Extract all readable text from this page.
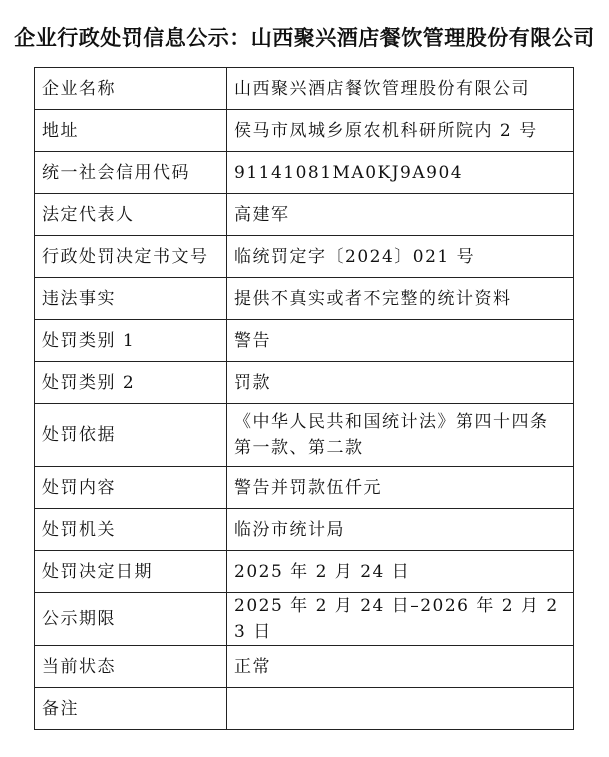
企业行政处罚信息公示：山西聚兴酒店餐饮管理股份有限公司
企业名称	山西聚兴酒店餐饮管理股份有限公司
地址	侯马市凤城乡原农机科研所院内 2 号
统一社会信用代码	91141081MA0KJ9A904
法定代表人	高建军
行政处罚决定书文号	临统罚定字〔2024〕021 号
违法事实	提供不真实或者不完整的统计资料
处罚类别 1	警告
处罚类别 2	罚款
处罚依据	《中华人民共和国统计法》第四十四条第一款、第二款
处罚内容	警告并罚款伍仟元
处罚机关	临汾市统计局
处罚决定日期	2025 年 2 月 24 日
公示期限	2025 年 2 月 24 日–2026 年 2 月 23 日
当前状态	正常
备注	
